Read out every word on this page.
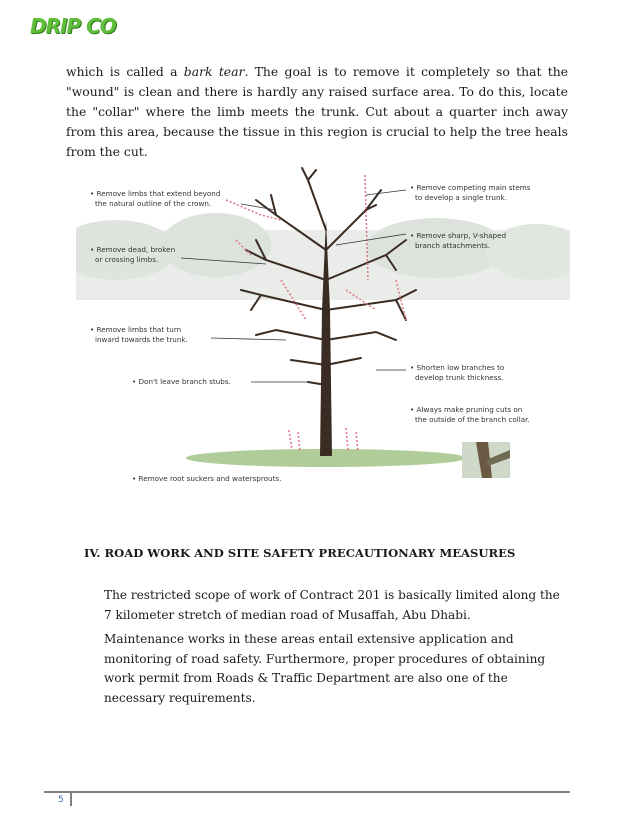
DRIP CO

which is called a bark tear. The goal is to remove it completely so that the "wound" is clean and there is hardly any raised surface area. To do this, locate the "collar" where the limb meets the trunk. Cut about a quarter inch away from this area, because the tissue in this region is crucial to help the tree heals from the cut.

• Remove limbs that extend beyond
the natural outline of the crown.
• Remove dead, broken
or crossing limbs.
• Remove limbs that turn
inward towards the trunk.
• Don't leave branch stubs.
• Remove root suckers and watersprouts.
• Remove competing main stems
to develop a single trunk.
• Remove sharp, V-shaped
branch attachments.
• Shorten low branches to
develop trunk thickness.
• Always make pruning cuts on
the outside of the branch collar.
IV. ROAD WORK AND SITE SAFETY PRECAUTIONARY MEASURES

The restricted scope of work of Contract 201 is basically limited along the 7 kilometer stretch of median road of Musaffah, Abu Dhabi.

Maintenance works in these areas entail extensive application and monitoring of road safety. Furthermore, proper procedures of obtaining work permit from Roads & Traffic Department are also one of the necessary requirements.

5
